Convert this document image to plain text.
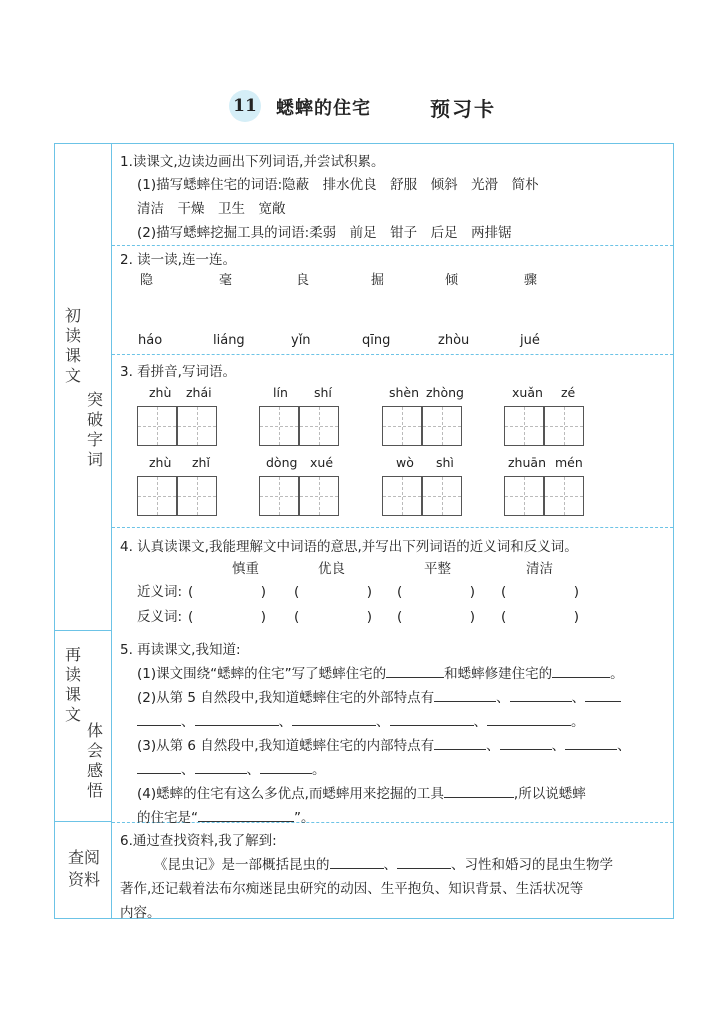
11 蟋蟀的住宅	预习卡
初读课文
突破字词
再读课文
体会感悟
查阅
资料
1.读课文,边读边画出下列词语,并尝试积累。
(1)描写蟋蟀住宅的词语:隐蔽　排水优良　舒服　倾斜　光滑　简朴
清洁　干燥　卫生　宽敞
(2)描写蟋蟀挖掘工具的词语:柔弱　前足　钳子　后足　两排锯
2. 读一读,连一连。
隐	毫	良	掘	倾	骤
háo	liáng	yǐn	qīng	zhòu	jué
3. 看拼音,写词语。
zhù zhái	lín shí	shèn zhòng	xuǎn zé
zhù zhǐ	dòng xué	wò shì	zhuān mén
4. 认真读课文,我能理解文中词语的意思,并写出下列词语的近义词和反义词。
慎重	优良	平整	清洁
近义词: (　　　　　) (　　　　　) (　　　　　) (　　　　　)
反义词: (　　　　　) (　　　　　) (　　　　　) (　　　　　)
5. 再读课文,我知道:
(1)课文围绕“蟋蟀的住宅”写了蟋蟀住宅的	和蟋蟀修建住宅的	。
(2)从第 5 自然段中,我知道蟋蟀住宅的外部特点有	、	、
、	、	、	、	。
(3)从第 6 自然段中,我知道蟋蟀住宅的内部特点有	、	、	、
、	、	。
(4)蟋蟀的住宅有这么多优点,而蟋蟀用来挖掘的工具	,所以说蟋蟀
的住宅是“	”。
6.通过查找资料,我了解到:
《昆虫记》是一部概括昆虫的	、	、习性和婚习的昆虫生物学
著作,还记载着法布尔痴迷昆虫研究的动因、生平抱负、知识背景、生活状况等
内容。
